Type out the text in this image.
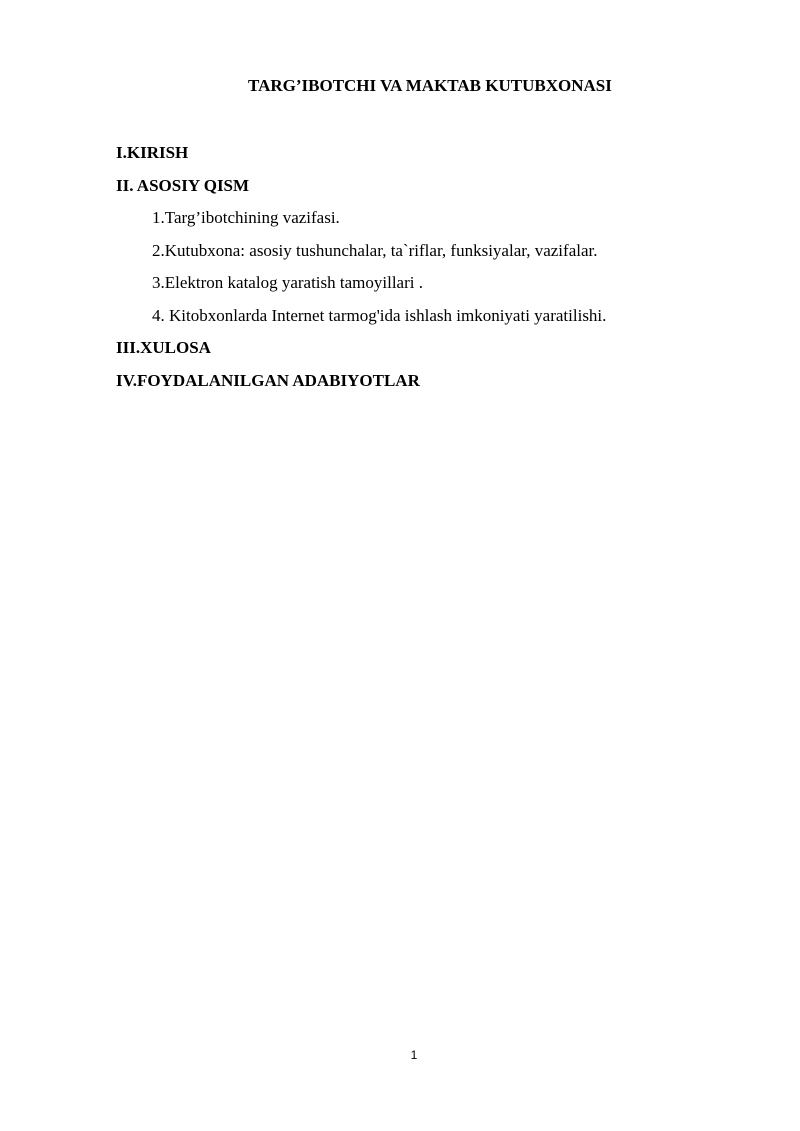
TARG’IBOTCHI VA MAKTAB KUTUBXONASI
I.KIRISH
II. ASOSIY QISM
1.Targ’ibotchining vazifasi.
2.Kutubxona: asosiy tushunchalar, ta`riflar, funksiyalar, vazifalar.
3.Elektron katalog yaratish tamoyillari .
4. Kitobxonlarda Internet tarmog'ida ishlash imkoniyati yaratilishi.
III.XULOSA
IV.FOYDALANILGAN ADABIYOTLAR
1
